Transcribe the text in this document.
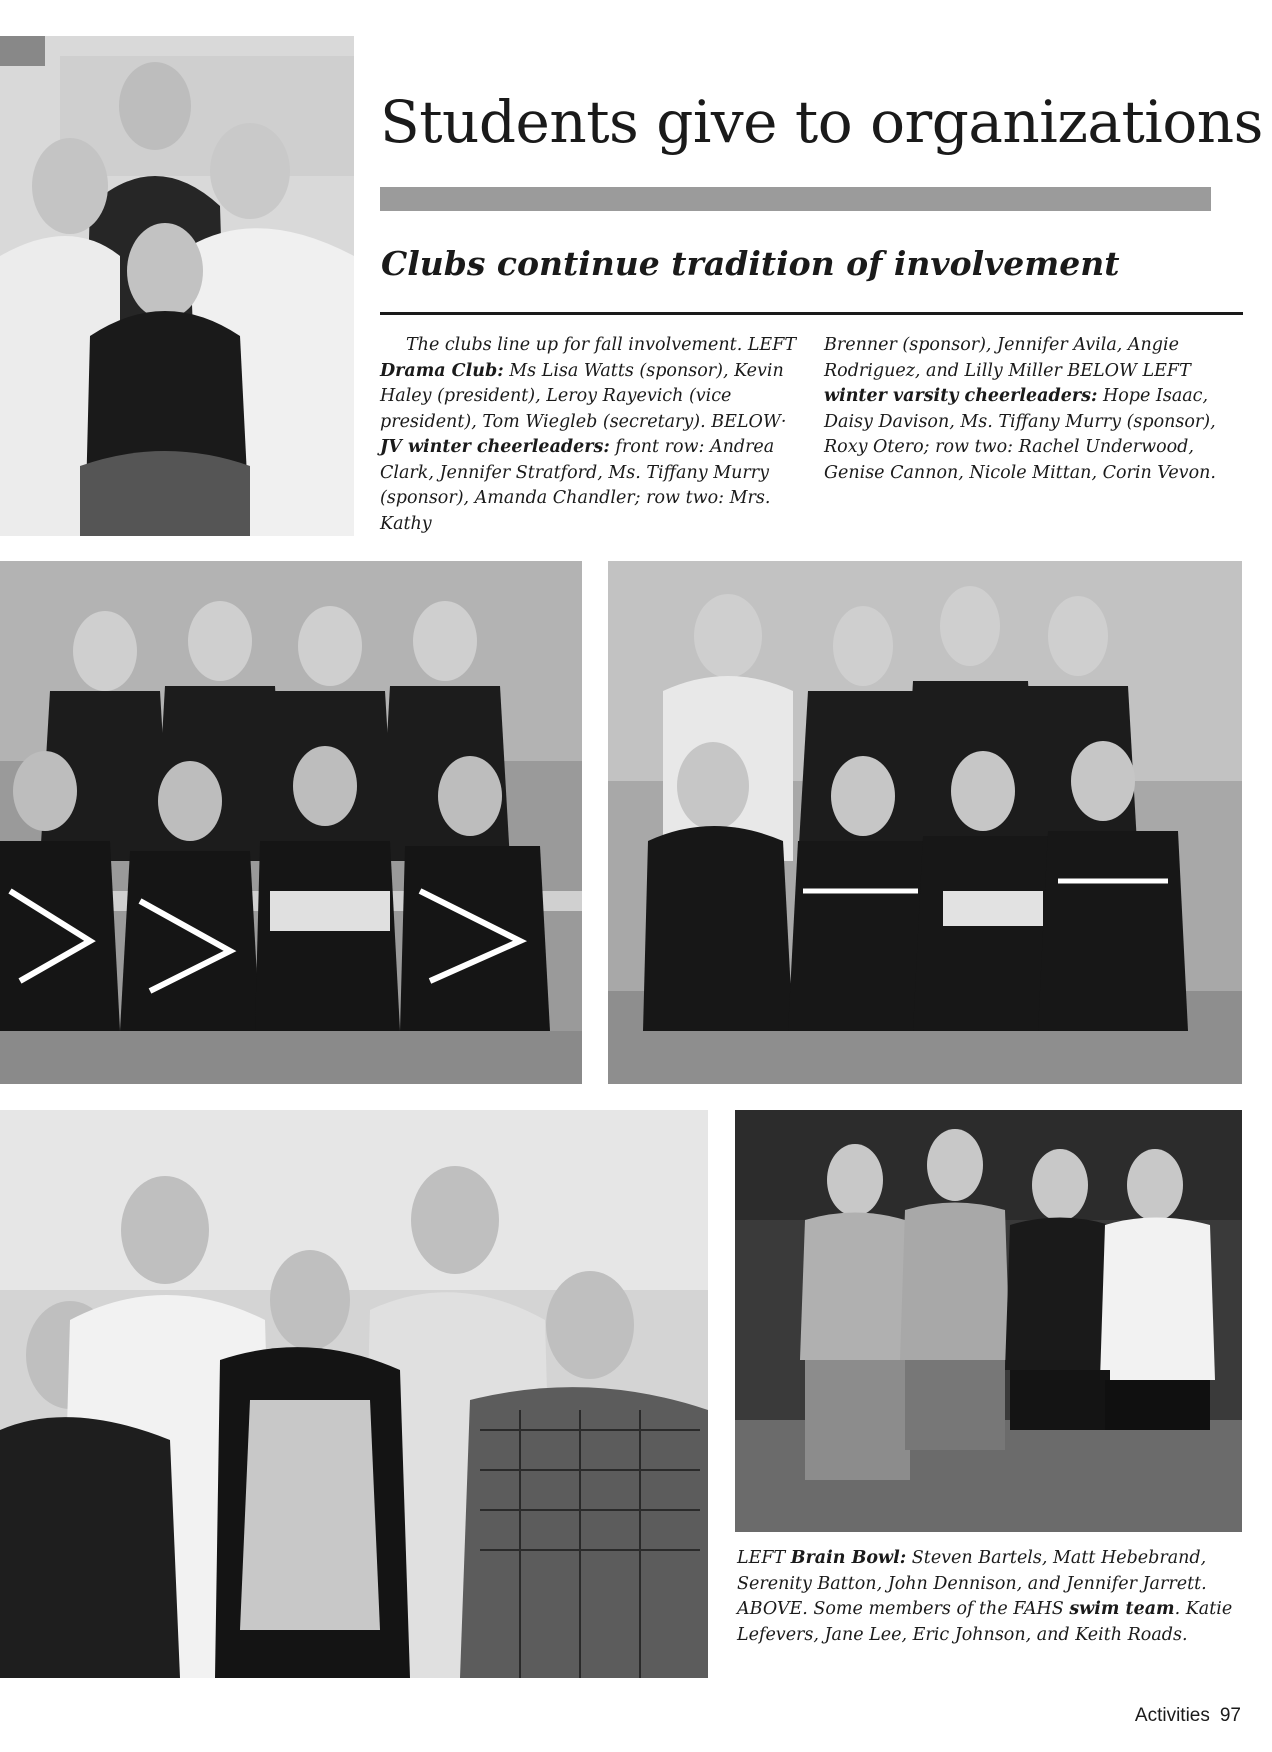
Students give to organizations
Clubs continue tradition of involvement

The clubs line up for fall involvement. LEFT Drama Club: Ms Lisa Watts (sponsor), Kevin Haley (president), Leroy Rayevich (vice president), Tom Wiegleb (secretary). BELOW· JV winter cheerleaders: front row: Andrea Clark, Jennifer Stratford, Ms. Tiffany Murry (sponsor), Amanda Chandler; row two: Mrs. Kathy

Brenner (sponsor), Jennifer Avila, Angie Rodriguez, and Lilly Miller BELOW LEFT winter varsity cheerleaders: Hope Isaac, Daisy Davison, Ms. Tiffany Murry (sponsor), Roxy Otero; row two: Rachel Underwood, Genise Cannon, Nicole Mittan, Corin Vevon.

LEFT Brain Bowl: Steven Bartels, Matt Hebebrand, Serenity Batton, John Dennison, and Jennifer Jarrett. ABOVE. Some members of the FAHS swim team. Katie Lefevers, Jane Lee, Eric Johnson, and Keith Roads.

Activities 97
